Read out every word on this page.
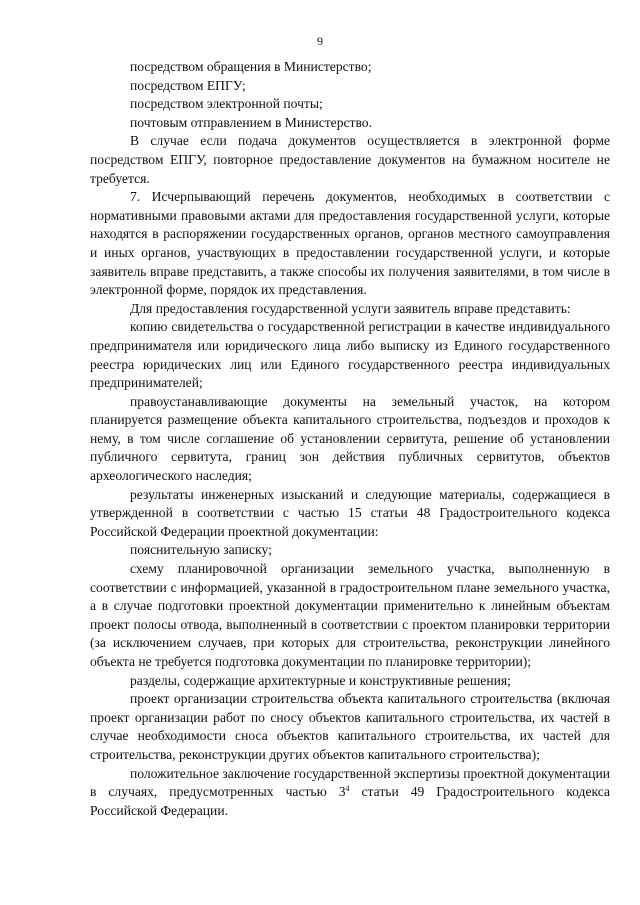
9

посредством обращения в Министерство;

посредством ЕПГУ;

посредством электронной почты;

почтовым отправлением в Министерство.

В случае если подача документов осуществляется в электронной форме посредством ЕПГУ, повторное предоставление документов на бумажном носителе не требуется.

7. Исчерпывающий перечень документов, необходимых в соответствии с нормативными правовыми актами для предоставления государственной услуги, которые находятся в распоряжении государственных органов, органов местного самоуправления и иных органов, участвующих в предоставлении государственной услуги, и которые заявитель вправе представить, а также способы их получения заявителями, в том числе в электронной форме, порядок их представления.

Для предоставления государственной услуги заявитель вправе представить:

копию свидетельства о государственной регистрации в качестве индивидуального предпринимателя или юридического лица либо выписку из Единого государственного реестра юридических лиц или Единого государственного реестра индивидуальных предпринимателей;

правоустанавливающие документы на земельный участок, на котором планируется размещение объекта капитального строительства, подъездов и проходов к нему, в том числе соглашение об установлении сервитута, решение об установлении публичного сервитута, границ зон действия публичных сервитутов, объектов археологического наследия;

результаты инженерных изысканий и следующие материалы, содержащиеся в утвержденной в соответствии с частью 15 статьи 48 Градостроительного кодекса Российской Федерации проектной документации:

пояснительную записку;

схему планировочной организации земельного участка, выполненную в соответствии с информацией, указанной в градостроительном плане земельного участка, а в случае подготовки проектной документации применительно к линейным объектам проект полосы отвода, выполненный в соответствии с проектом планировки территории (за исключением случаев, при которых для строительства, реконструкции линейного объекта не требуется подготовка документации по планировке территории);

разделы, содержащие архитектурные и конструктивные решения;

проект организации строительства объекта капитального строительства (включая проект организации работ по сносу объектов капитального строительства, их частей в случае необходимости сноса объектов капитального строительства, их частей для строительства, реконструкции других объектов капитального строительства);

положительное заключение государственной экспертизы проектной документации в случаях, предусмотренных частью $3^4$ статьи 49 Градостроительного кодекса Российской Федерации.
